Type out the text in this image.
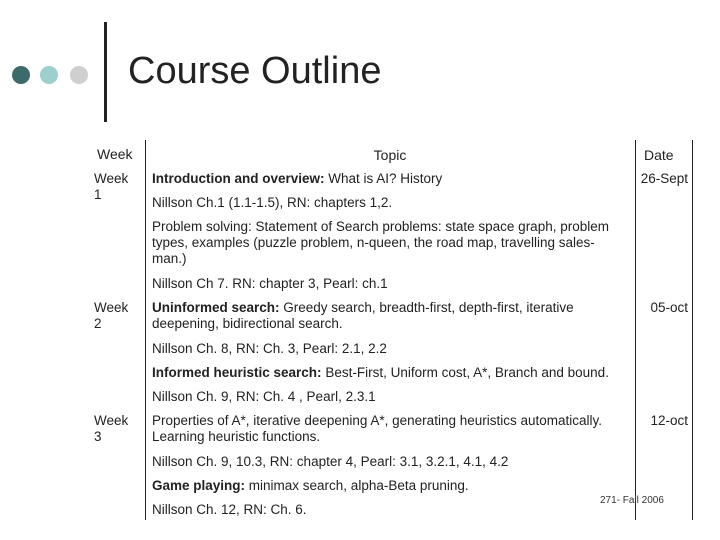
Course Outline
Week	Topic	Date
Week 1
26-Sept
Introduction and overview: What is AI? History
Nillson Ch.1 (1.1-1.5), RN: chapters 1,2.
Problem solving: Statement of Search problems: state space graph, problem types, examples (puzzle problem, n-queen, the road map, travelling sales-man.)
Nillson Ch 7. RN: chapter 3, Pearl: ch.1
Week 2
05-oct
Uninformed search: Greedy search, breadth-first, depth-first, iterative deepening, bidirectional search.
Nillson Ch. 8, RN: Ch. 3, Pearl: 2.1, 2.2
Informed heuristic search: Best-First, Uniform cost, A*, Branch and bound.
Nillson Ch. 9, RN: Ch. 4 , Pearl, 2.3.1
Week 3
12-oct
Properties of A*, iterative deepening A*, generating heuristics automatically. Learning heuristic functions.
Nillson Ch. 9, 10.3, RN: chapter 4, Pearl: 3.1, 3.2.1, 4.1, 4.2
Game playing: minimax search, alpha-Beta pruning.
Nillson Ch. 12, RN: Ch. 6.
271- Fall 2006
